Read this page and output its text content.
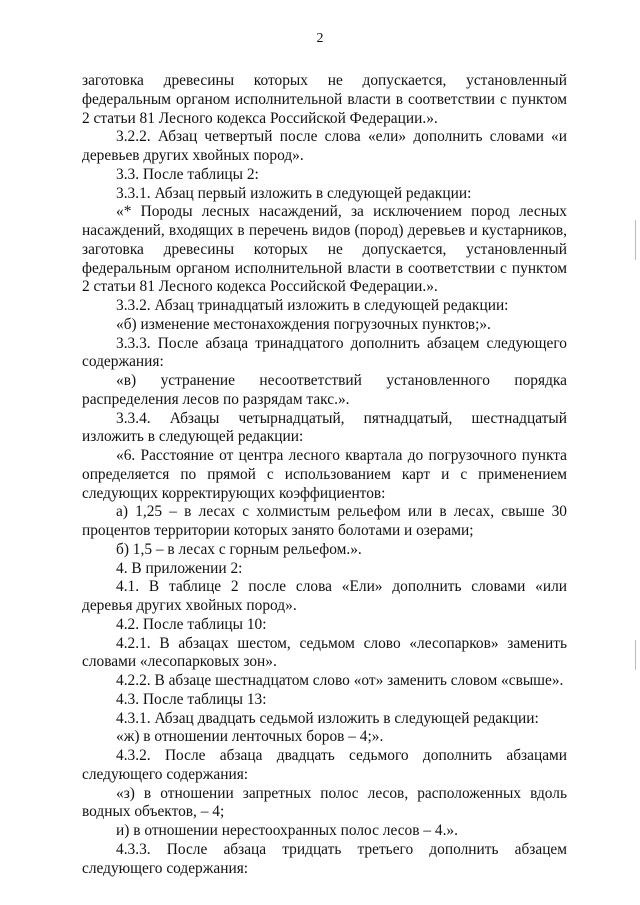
2

заготовка древесины которых не допускается, установленный федеральным органом исполнительной власти в соответствии с пунктом 2 статьи 81 Лесного кодекса Российской Федерации.».

3.2.2. Абзац четвертый после слова «ели» дополнить словами «и деревьев других хвойных пород».

3.3. После таблицы 2:

3.3.1. Абзац первый изложить в следующей редакции:

«* Породы лесных насаждений, за исключением пород лесных насаждений, входящих в перечень видов (пород) деревьев и кустарников, заготовка древесины которых не допускается, установленный федеральным органом исполнительной власти в соответствии с пунктом 2 статьи 81 Лесного кодекса Российской Федерации.».

3.3.2. Абзац тринадцатый изложить в следующей редакции:

«б) изменение местонахождения погрузочных пунктов;».

3.3.3. После абзаца тринадцатого дополнить абзацем следующего содержания:

«в) устранение несоответствий установленного порядка распределения лесов по разрядам такс.».

3.3.4. Абзацы четырнадцатый, пятнадцатый, шестнадцатый изложить в следующей редакции:

«6. Расстояние от центра лесного квартала до погрузочного пункта определяется по прямой с использованием карт и с применением следующих корректирующих коэффициентов:

а) 1,25 – в лесах с холмистым рельефом или в лесах, свыше 30 процентов территории которых занято болотами и озерами;

б) 1,5 – в лесах с горным рельефом.».

4. В приложении 2:

4.1. В таблице 2 после слова «Ели» дополнить словами «или деревья других хвойных пород».

4.2. После таблицы 10:

4.2.1. В абзацах шестом, седьмом слово «лесопарков» заменить словами «лесопарковых зон».

4.2.2. В абзаце шестнадцатом слово «от» заменить словом «свыше».

4.3. После таблицы 13:

4.3.1. Абзац двадцать седьмой изложить в следующей редакции:

«ж) в отношении ленточных боров – 4;».

4.3.2. После абзаца двадцать седьмого дополнить абзацами следующего содержания:

«з) в отношении запретных полос лесов, расположенных вдоль водных объектов, – 4;

и) в отношении нерестоохранных полос лесов – 4.».

4.3.3. После абзаца тридцать третьего дополнить абзацем следующего содержания:
